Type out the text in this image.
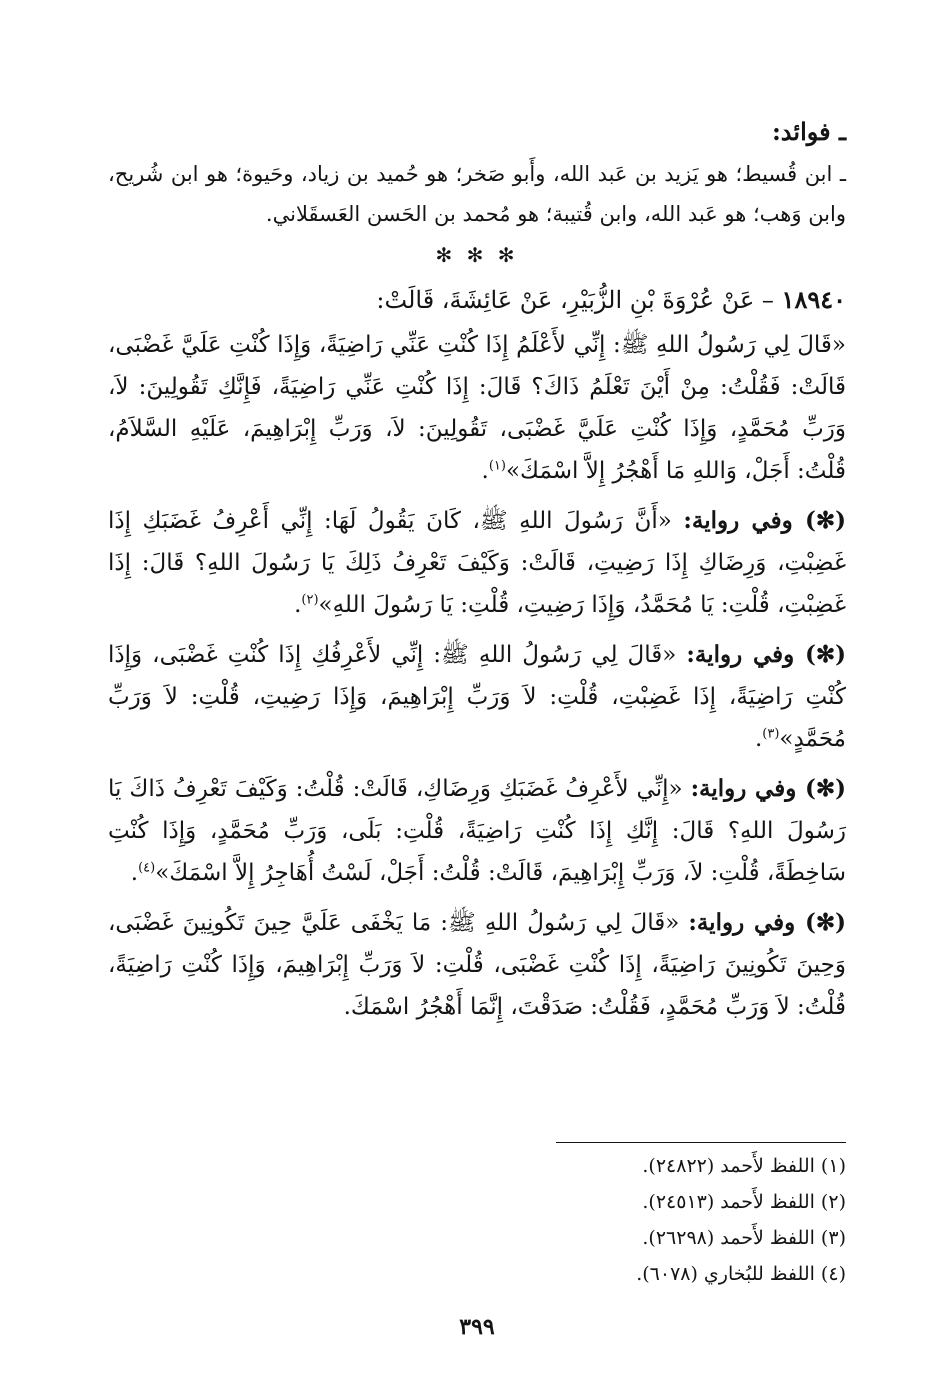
ـ فوائد:

ـ ابن قُسيط؛ هو يَزيد بن عَبد الله، وأَبو صَخر؛ هو حُميد بن زياد، وحَيوة؛ هو ابن شُريح، وابن وَهب؛ هو عَبد الله، وابن قُتيبة؛ هو مُحمد بن الحَسن العَسقَلاني.

✻ ✻ ✻

١٨٩٤٠ – عَنْ عُرْوَةَ بْنِ الزُّبَيْرِ، عَنْ عَائِشَةَ، قَالَتْ:

«قَالَ لِي رَسُولُ اللهِ ﷺ: إِنِّي لأَعْلَمُ إِذَا كُنْتِ عَنِّي رَاضِيَةً، وَإِذَا كُنْتِ عَلَيَّ غَضْبَى، قَالَتْ: فَقُلْتُ: مِنْ أَيْنَ تَعْلَمُ ذَاكَ؟ قَالَ: إِذَا كُنْتِ عَنِّي رَاضِيَةً، فَإِنَّكِ تَقُولِينَ: لاَ، وَرَبِّ مُحَمَّدٍ، وَإِذَا كُنْتِ عَلَيَّ غَضْبَى، تَقُولِينَ: لاَ، وَرَبِّ إِبْرَاهِيمَ، عَلَيْهِ السَّلاَمُ، قُلْتُ: أَجَلْ، وَاللهِ مَا أَهْجُرُ إِلاَّ اسْمَكَ»$^{(١)}$.

(✻) وفي رواية: «أَنَّ رَسُولَ اللهِ ﷺ، كَانَ يَقُولُ لَهَا: إِنِّي أَعْرِفُ غَضَبَكِ إِذَا غَضِبْتِ، وَرِضَاكِ إِذَا رَضِيتِ، قَالَتْ: وَكَيْفَ تَعْرِفُ ذَلِكَ يَا رَسُولَ اللهِ؟ قَالَ: إِذَا غَضِبْتِ، قُلْتِ: يَا مُحَمَّدُ، وَإِذَا رَضِيتِ، قُلْتِ: يَا رَسُولَ اللهِ»$^{(٢)}$.

(✻) وفي رواية: «قَالَ لِي رَسُولُ اللهِ ﷺ: إِنِّي لأَعْرِفُكِ إِذَا كُنْتِ غَضْبَى، وَإِذَا كُنْتِ رَاضِيَةً، إِذَا غَضِبْتِ، قُلْتِ: لاَ وَرَبِّ إِبْرَاهِيمَ، وَإِذَا رَضِيتِ، قُلْتِ: لاَ وَرَبِّ مُحَمَّدٍ»$^{(٣)}$.

(✻) وفي رواية: «إِنِّي لأَعْرِفُ غَضَبَكِ وَرِضَاكِ، قَالَتْ: قُلْتُ: وَكَيْفَ تَعْرِفُ ذَاكَ يَا رَسُولَ اللهِ؟ قَالَ: إِنَّكِ إِذَا كُنْتِ رَاضِيَةً، قُلْتِ: بَلَى، وَرَبِّ مُحَمَّدٍ، وَإِذَا كُنْتِ سَاخِطَةً، قُلْتِ: لاَ، وَرَبِّ إِبْرَاهِيمَ، قَالَتْ: قُلْتُ: أَجَلْ، لَسْتُ أُهَاجِرُ إِلاَّ اسْمَكَ»$^{(٤)}$.

(✻) وفي رواية: «قَالَ لِي رَسُولُ اللهِ ﷺ: مَا يَخْفَى عَلَيَّ حِينَ تَكُونِينَ غَضْبَى، وَحِينَ تَكُونِينَ رَاضِيَةً، إِذَا كُنْتِ غَضْبَى، قُلْتِ: لاَ وَرَبِّ إِبْرَاهِيمَ، وَإِذَا كُنْتِ رَاضِيَةً، قُلْتُ: لاَ وَرَبِّ مُحَمَّدٍ، فَقُلْتُ: صَدَقْتَ، إِنَّمَا أَهْجُرُ اسْمَكَ.

(١) اللفظ لأَحمد (٢٤٨٢٢).

(٢) اللفظ لأَحمد (٢٤٥١٣).

(٣) اللفظ لأَحمد (٢٦٢٩٨).

(٤) اللفظ للبُخاري (٦٠٧٨).

٣٩٩
